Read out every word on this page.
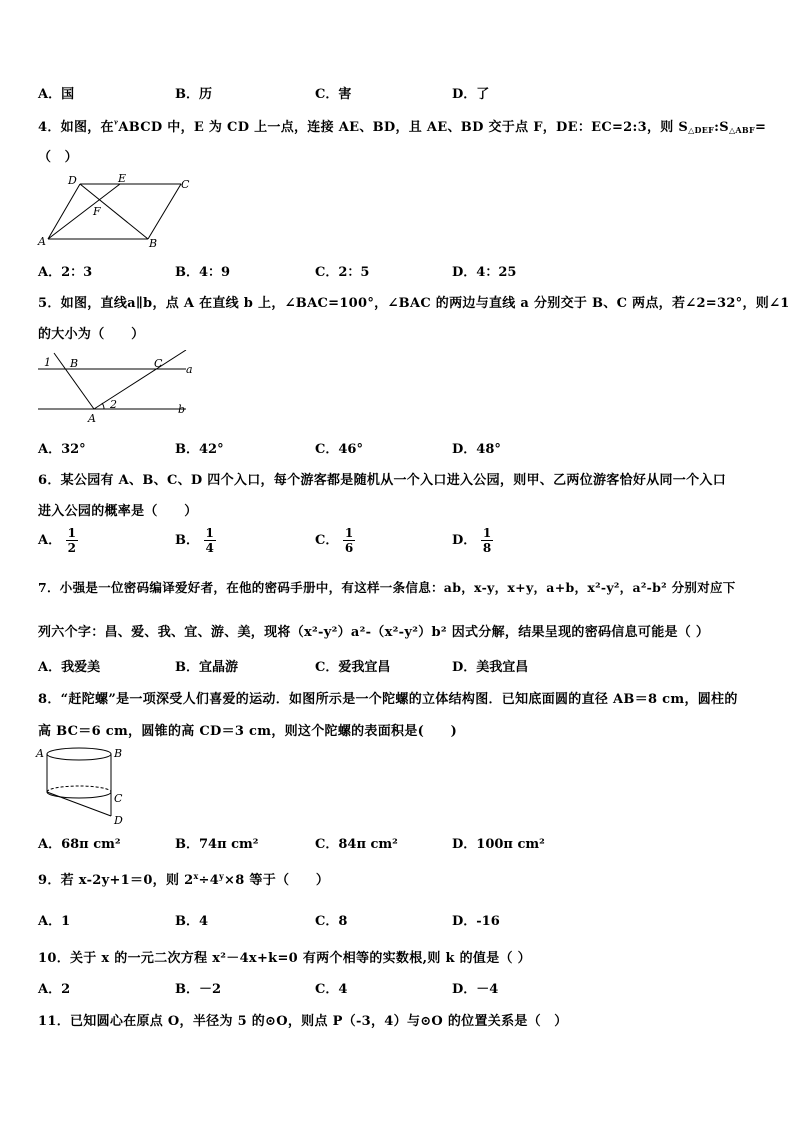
A．国	B．历	C．害	D．了
4．如图，在$^ᵞ$ABCD 中，E 为 CD 上一点，连接 AE、BD，且 AE、BD 交于点 F，DE：EC=2:3，则 $S_{\triangle DEF}:S_{\triangle ABF}=$
（　）
D	E	C
F
A	B
A．2：3	B．4：9	C．2：5	D．4：25
5．如图，直线a∥b，点 A 在直线 b 上，∠BAC=100°，∠BAC 的两边与直线 a 分别交于 B、C 两点，若∠2=32°，则∠1
的大小为（　　）
1 B	C a
2
A
b
A．32°	B．42°	C．46°	D．48°
6．某公园有 A、B、C、D 四个入口，每个游客都是随机从一个入口进入公园，则甲、乙两位游客恰好从同一个入口
进入公园的概率是（　　）
A． $\frac{1}{2}$	B． $\frac{1}{4}$	C． $\frac{1}{6}$	D． $\frac{1}{8}$
7．小强是一位密码编译爱好者，在他的密码手册中，有这样一条信息：ab，x-y，x+y，a+b，x²-y²，a²-b² 分别对应下
列六个字：昌、爱、我、宜、游、美，现将（x²-y²）a²-（x²-y²）b² 因式分解，结果呈现的密码信息可能是（ ）
A．我爱美	B．宜晶游	C．爱我宜昌	D．美我宜昌
8．“赶陀螺”是一项深受人们喜爱的运动．如图所示是一个陀螺的立体结构图．已知底面圆的直径 AB＝8 cm，圆柱的
高 BC＝6 cm，圆锥的高 CD＝3 cm，则这个陀螺的表面积是(　　)
A	B
C
D
A．68π cm²	B．74π cm²	C．84π cm²	D．100π cm²
9．若 x-2y+1＝0，则 $2^x\div 4^y\times 8$ 等于（　　）
A．1	B．4	C．8	D．-16
10．关于 x 的一元二次方程 x²－4x+k=0 有两个相等的实数根,则 k 的值是（ ）
A．2	B．－2	C．4	D．－4
11．已知圆心在原点 O，半径为 5 的⊙O，则点 P（-3，4）与⊙O 的位置关系是（　）
